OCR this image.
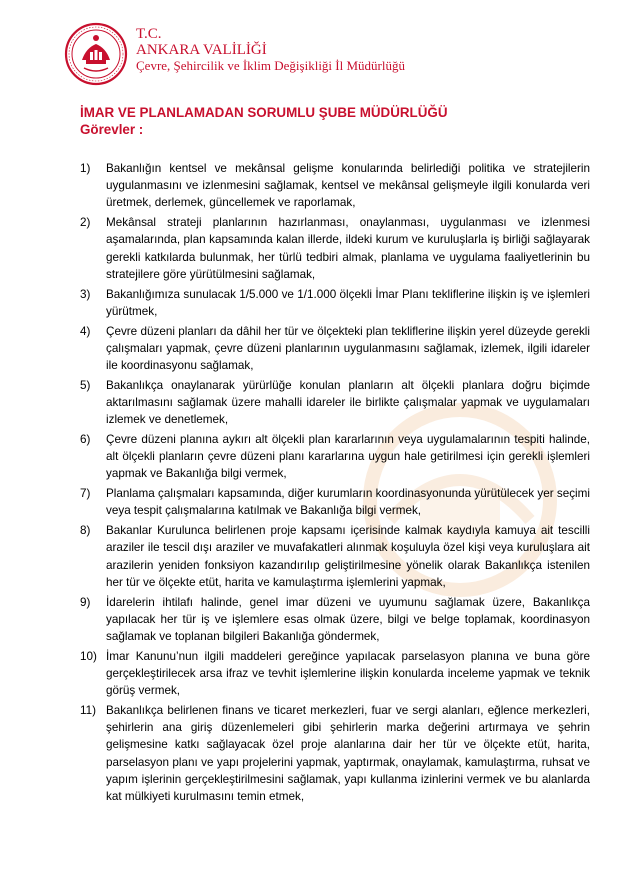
T.C.
ANKARA VALİLİĞİ
Çevre, Şehircilik ve İklim Değişikliği İl Müdürlüğü
İMAR VE PLANLAMADAN SORUMLU ŞUBE MÜDÜRLÜĞÜ
Görevler :
1) Bakanlığın kentsel ve mekânsal gelişme konularında belirlediği politika ve stratejilerin uygulanmasını ve izlenmesini sağlamak, kentsel ve mekânsal gelişmeyle ilgili konularda veri üretmek, derlemek, güncellemek ve raporlamak,
2) Mekânsal strateji planlarının hazırlanması, onaylanması, uygulanması ve izlenmesi aşamalarında, plan kapsamında kalan illerde, ildeki kurum ve kuruluşlarla iş birliği sağlayarak gerekli katkılarda bulunmak, her türlü tedbiri almak, planlama ve uygulama faaliyetlerinin bu stratejilere göre yürütülmesini sağlamak,
3) Bakanlığımıza sunulacak 1/5.000 ve 1/1.000 ölçekli İmar Planı tekliflerine ilişkin iş ve işlemleri yürütmek,
4) Çevre düzeni planları da dâhil her tür ve ölçekteki plan tekliflerine ilişkin yerel düzeyde gerekli çalışmaları yapmak, çevre düzeni planlarının uygulanmasını sağlamak, izlemek, ilgili idareler ile koordinasyonu sağlamak,
5) Bakanlıkça onaylanarak yürürlüğe konulan planların alt ölçekli planlara doğru biçimde aktarılmasını sağlamak üzere mahalli idareler ile birlikte çalışmalar yapmak ve uygulamaları izlemek ve denetlemek,
6) Çevre düzeni planına aykırı alt ölçekli plan kararlarının veya uygulamalarının tespiti halinde, alt ölçekli planların çevre düzeni planı kararlarına uygun hale getirilmesi için gerekli işlemleri yapmak ve Bakanlığa bilgi vermek,
7) Planlama çalışmaları kapsamında, diğer kurumların koordinasyonunda yürütülecek yer seçimi veya tespit çalışmalarına katılmak ve Bakanlığa bilgi vermek,
8) Bakanlar Kurulunca belirlenen proje kapsamı içerisinde kalmak kaydıyla kamuya ait tescilli araziler ile tescil dışı araziler ve muvafakatleri alınmak koşuluyla özel kişi veya kuruluşlara ait arazilerin yeniden fonksiyon kazandırılıp geliştirilmesine yönelik olarak Bakanlıkça istenilen her tür ve ölçekte etüt, harita ve kamulaştırma işlemlerini yapmak,
9) İdarelerin ihtilafı halinde, genel imar düzeni ve uyumunu sağlamak üzere, Bakanlıkça yapılacak her tür iş ve işlemlere esas olmak üzere, bilgi ve belge toplamak, koordinasyon sağlamak ve toplanan bilgileri Bakanlığa göndermek,
10) İmar Kanunu’nun ilgili maddeleri gereğince yapılacak parselasyon planına ve buna göre gerçekleştirilecek arsa ifraz ve tevhit işlemlerine ilişkin konularda inceleme yapmak ve teknik görüş vermek,
11) Bakanlıkça belirlenen finans ve ticaret merkezleri, fuar ve sergi alanları, eğlence merkezleri, şehirlerin ana giriş düzenlemeleri gibi şehirlerin marka değerini artırmaya ve şehrin gelişmesine katkı sağlayacak özel proje alanlarına dair her tür ve ölçekte etüt, harita, parselasyon planı ve yapı projelerini yapmak, yaptırmak, onaylamak, kamulaştırma, ruhsat ve yapım işlerinin gerçekleştirilmesini sağlamak, yapı kullanma izinlerini vermek ve bu alanlarda kat mülkiyeti kurulmasını temin etmek,
